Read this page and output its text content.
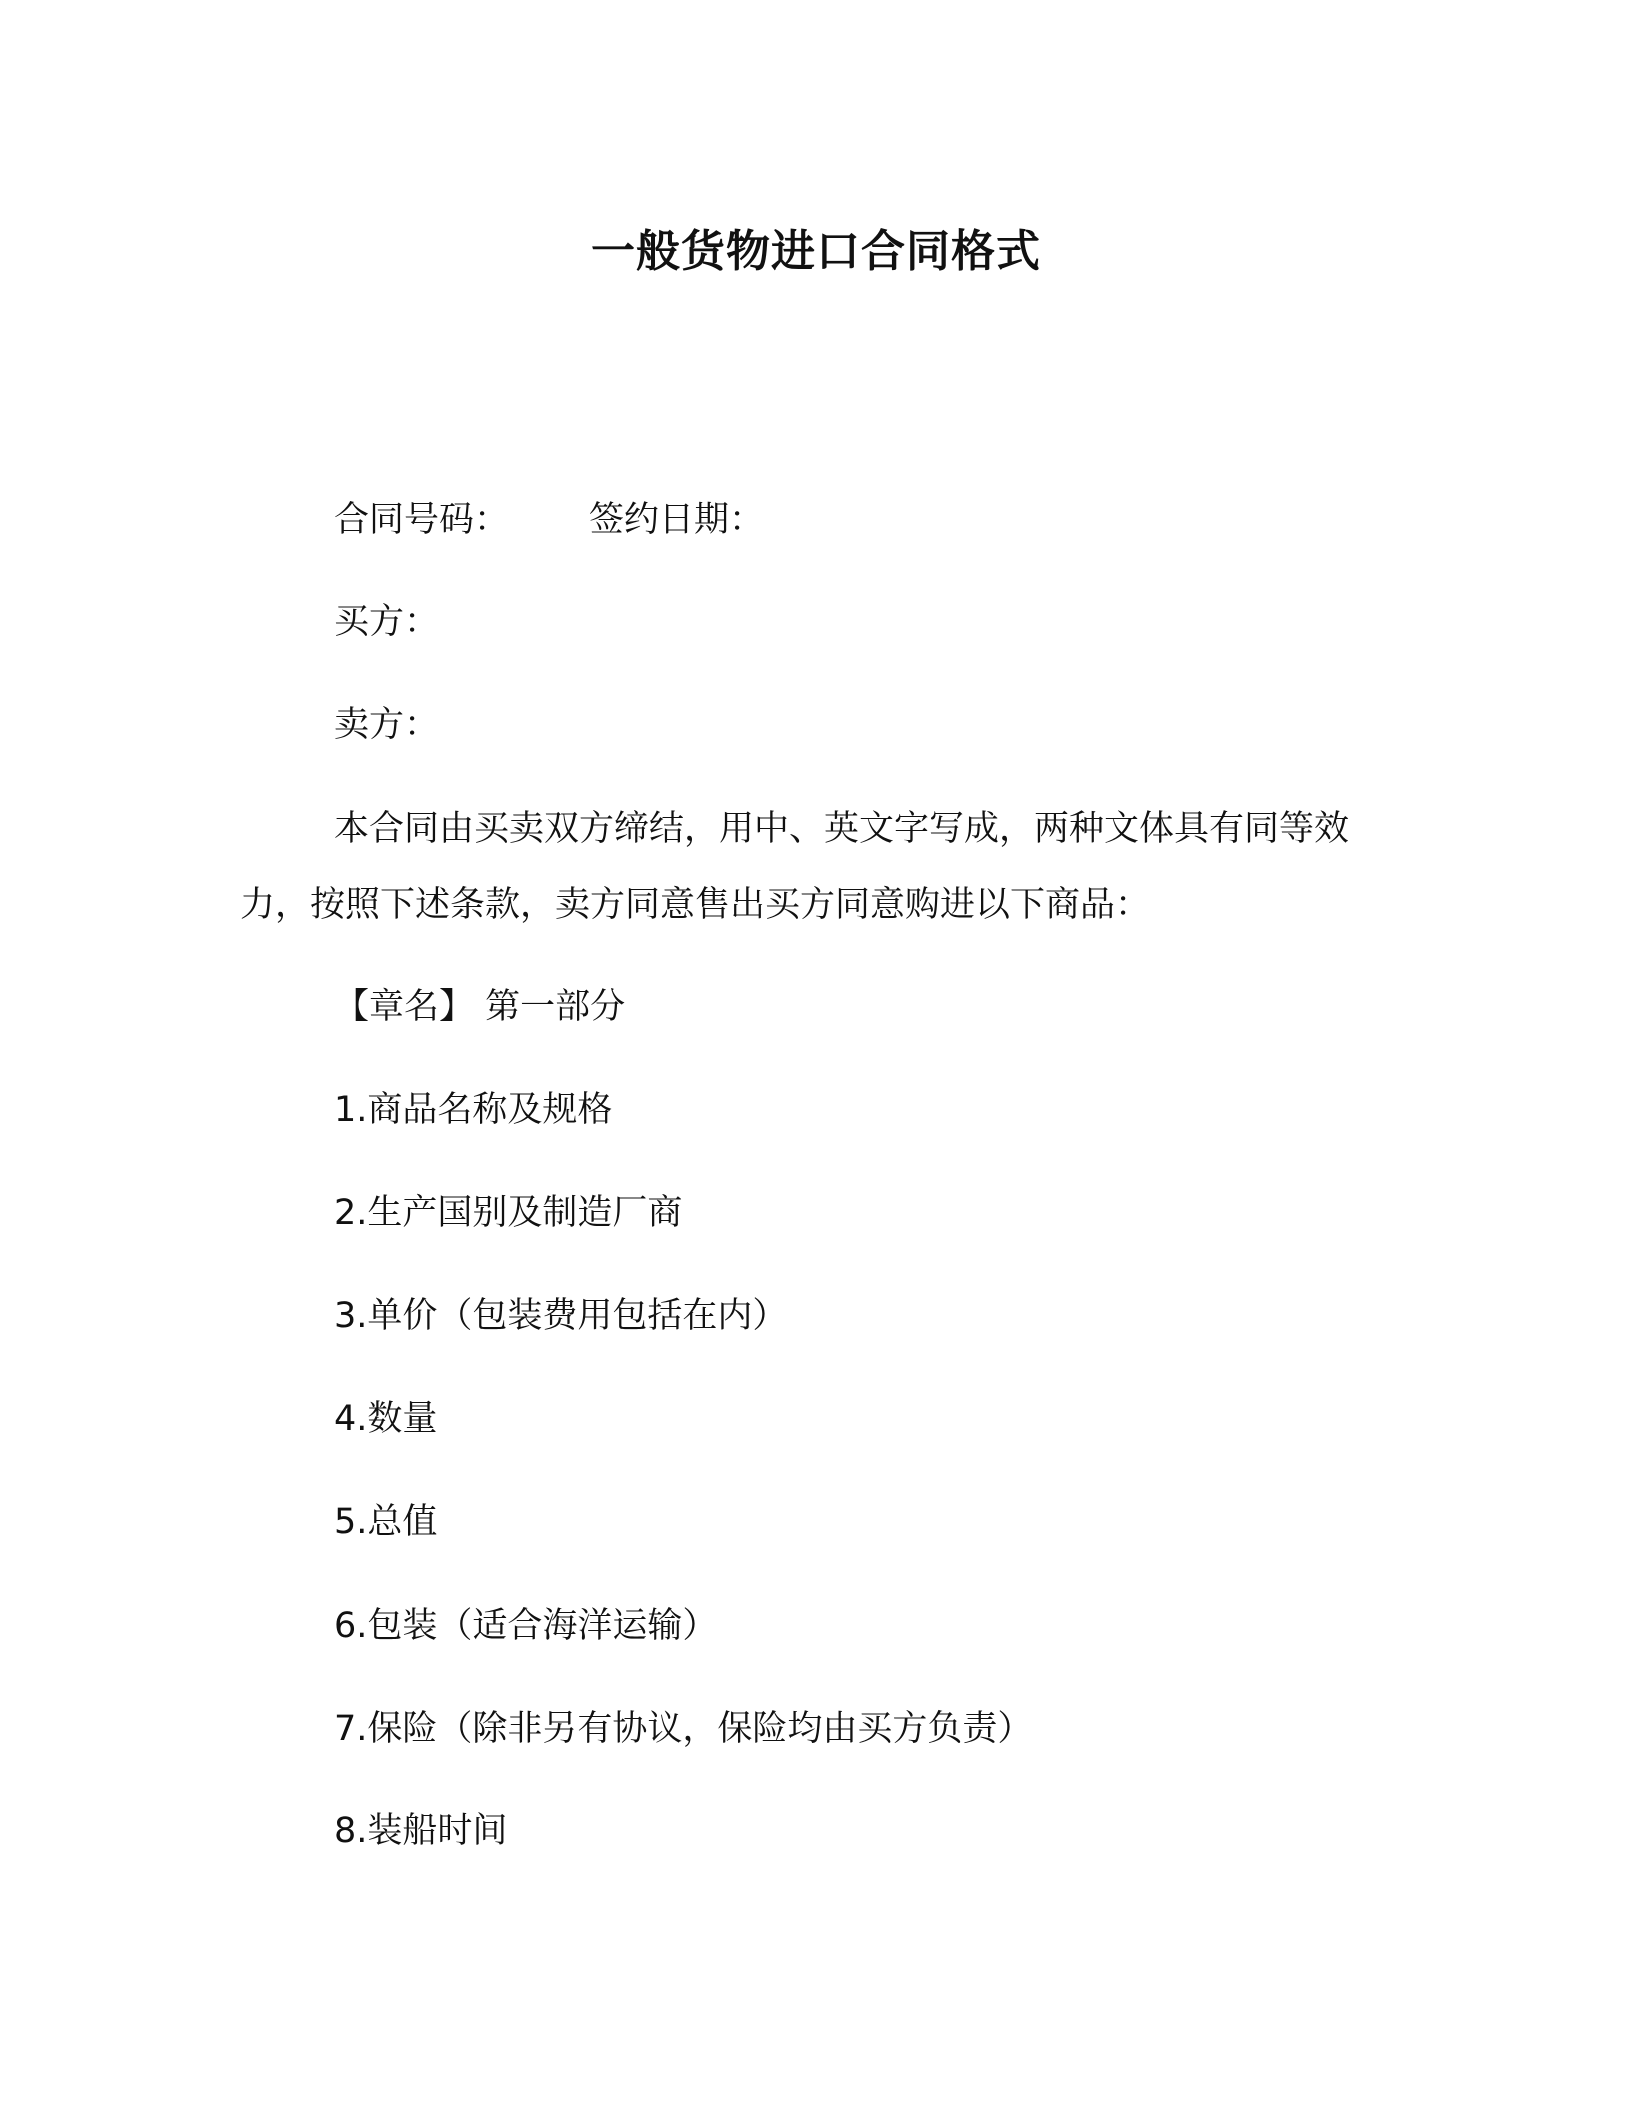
一般货物进口合同格式
合同号码： 签约日期：
买方：
卖方：
本合同由买卖双方缔结，用中、英文字写成，两种文体具有同等效力，按照下述条款，卖方同意售出买方同意购进以下商品：
【章名】 第一部分
1.商品名称及规格
2.生产国别及制造厂商
3.单价（包装费用包括在内）
4.数量
5.总值
6.包装（适合海洋运输）
7.保险（除非另有协议，保险均由买方负责）
8.装船时间
